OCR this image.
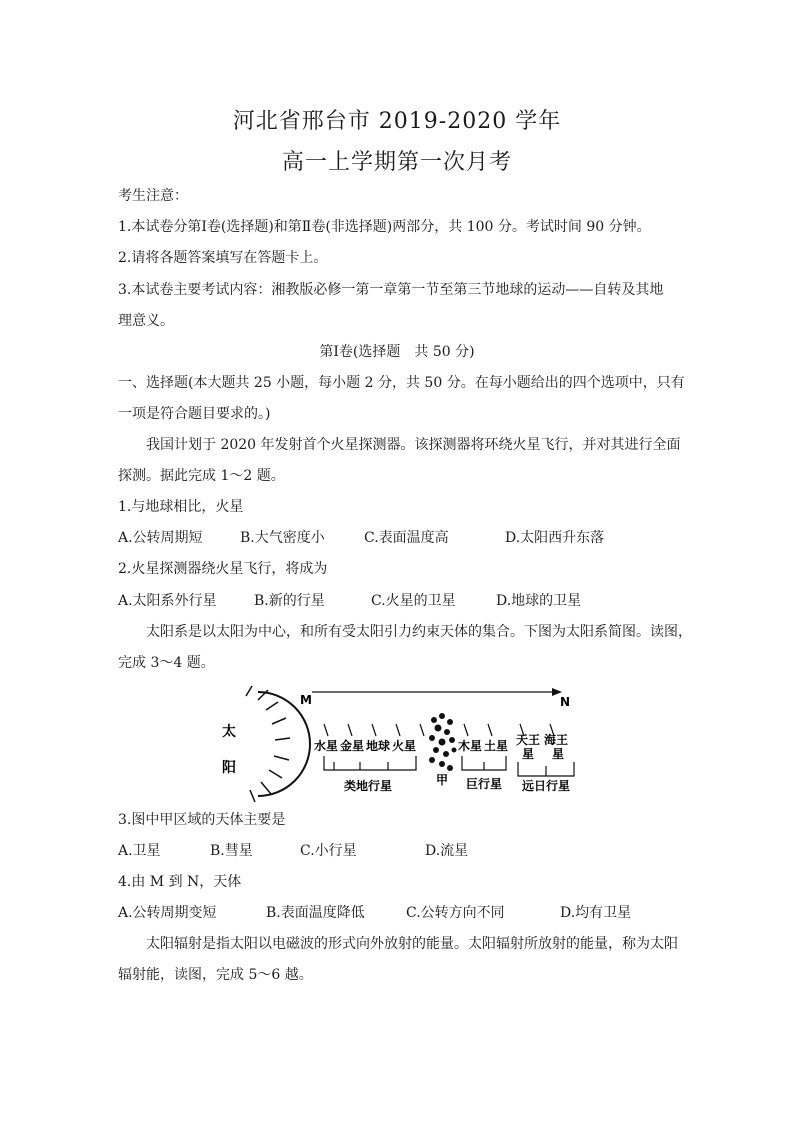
河北省邢台市 2019-2020 学年
高一上学期第一次月考
考生注意：
1.本试卷分第Ⅰ卷(选择题)和第Ⅱ卷(非选择题)两部分，共 100 分。考试时间 90 分钟。
2.请将各题答案填写在答题卡上。
3.本试卷主要考试内容：湘教版必修一第一章第一节至第三节地球的运动——自转及其地
理意义。
第Ⅰ卷(选择题　共 50 分)
一、选择题(本大题共 25 小题，每小题 2 分，共 50 分。在每小题给出的四个选项中，只有
一项是符合题目要求的。)
我国计划于 2020 年发射首个火星探测器。该探测器将环绕火星飞行，并对其进行全面
探测。据此完成 1～2 题。
1.与地球相比，火星
A.公转周期短	B.大气密度小	C.表面温度高	D.太阳西升东落
2.火星探测器绕火星飞行，将成为
A.太阳系外行星	B.新的行星	C.火星的卫星	D.地球的卫星
太阳系是以太阳为中心，和所有受太阳引力约束天体的集合。下图为太阳系简图。读图，
完成 3～4 题。
太
阳
M	N
水星 金星 地球 火星
甲
木星 土星 天王
星
海王
星
类地行星	巨行星 远日行星
3.图中甲区域的天体主要是
A.卫星	B.彗星	C.小行星	D.流星
4.由 M 到 N，天体
A.公转周期变短	B.表面温度降低	C.公转方向不同	D.均有卫星
太阳辐射是指太阳以电磁波的形式向外放射的能量。太阳辐射所放射的能量，称为太阳
辐射能，读图，完成 5～6 越。
